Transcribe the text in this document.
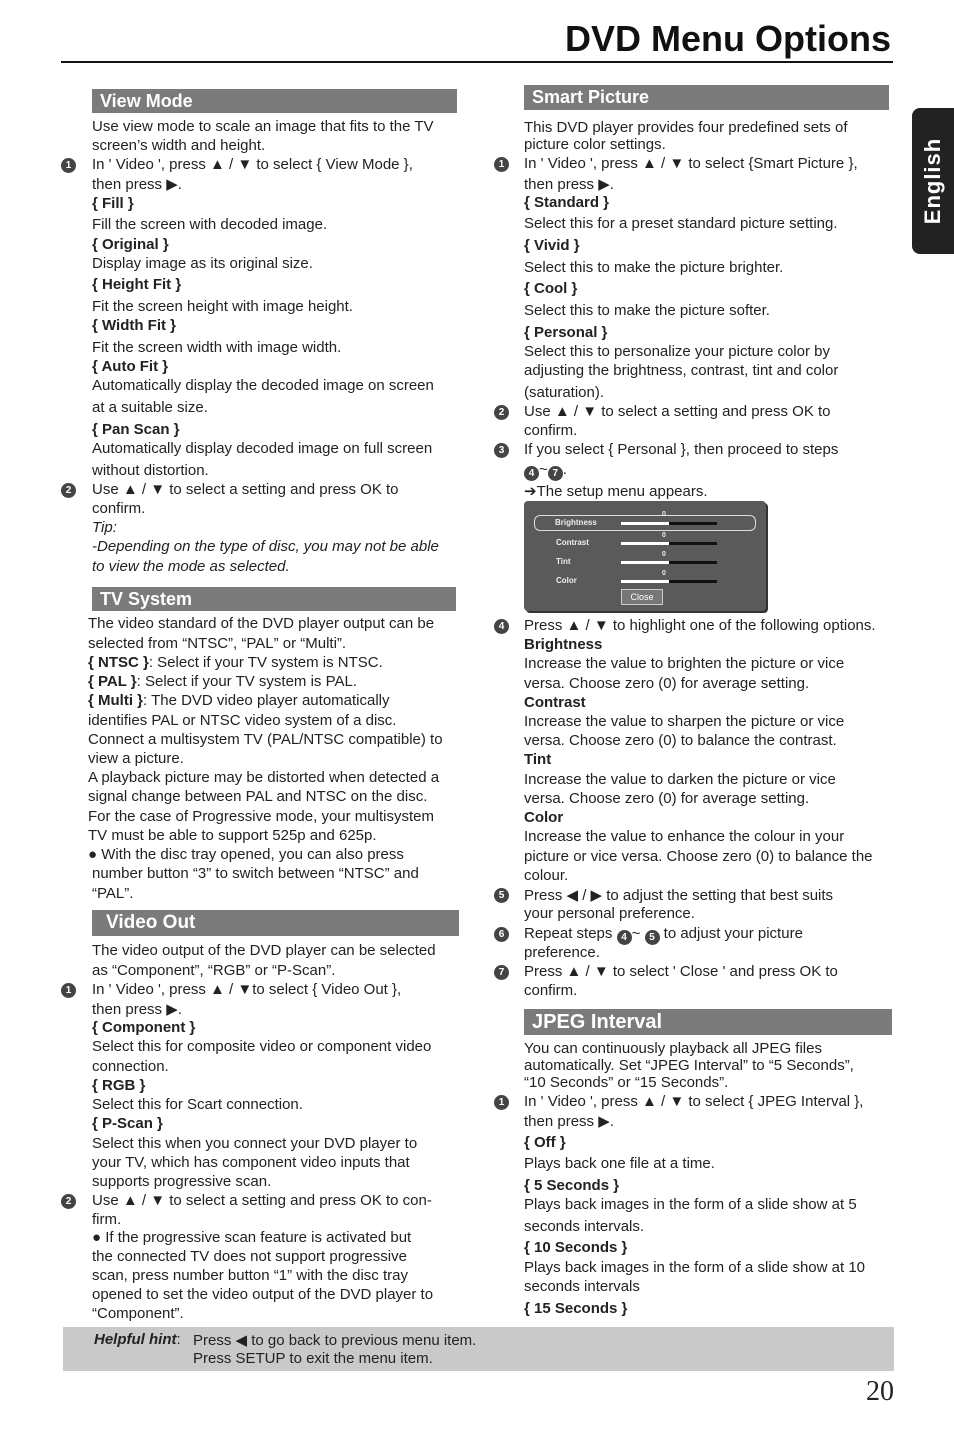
DVD Menu Options
English
View Mode
Use view mode to scale an image that fits to the TV
screen’s width and height.
1	In ' Video ', press ▲ / ▼ to select { View Mode },
then press ▶.
{ Fill }
Fill the screen with decoded image.
{ Original }
Display image as its original size.
{ Height Fit }
Fit the screen height with image height.
{ Width Fit }
Fit the screen width with image width.
{ Auto Fit }
Automatically display the decoded image on screen
at a suitable size.
{ Pan Scan }
Automatically display decoded image on full screen
without distortion.
2	Use ▲ / ▼ to select a setting and press OK to
confirm.
Tip:
-Depending on the type of disc, you may not be able
to view the mode as selected.
TV System
The video standard of the DVD player output can be
selected from “NTSC”, “PAL” or “Multi”.
{ NTSC }: Select if your TV system is NTSC.
{ PAL }: Select if your TV system is PAL.
{ Multi }: The DVD video player automatically
identifies PAL or NTSC video system of a disc.
Connect a multisystem TV (PAL/NTSC compatible) to
view a picture.
A playback picture may be distorted when detected a
signal change between PAL and NTSC on the disc.
For the case of Progressive mode, your multisystem
TV must be able to support 525p and 625p.
● With the disc tray opened, you can also press
number button “3” to switch between “NTSC” and
“PAL”.
Video Out
The video output of the DVD player can be selected
as “Component”, “RGB” or “P-Scan”.
1	In ' Video ', press ▲ / ▼to select { Video Out },
then press ▶.
{ Component }
Select this for composite video or component video
connection.
{ RGB }
Select this for Scart connection.
{ P-Scan }
Select this when you connect your DVD player to
your TV, which has component video inputs that
supports progressive scan.
2	Use ▲ / ▼ to select a setting and press OK to con-
firm.
● If the progressive scan feature is activated but
the connected TV does not support progressive
scan, press number button “1” with the disc tray
opened to set the video output of the DVD player to
“Component”.
Smart Picture
This DVD player provides four predefined sets of
picture color settings.
1	In ' Video ', press ▲ / ▼ to select {Smart Picture },
then press ▶.
{ Standard }
Select this for a preset standard picture setting.
{ Vivid }
Select this to make the picture brighter.
{ Cool }
Select this to make the picture softer.
{ Personal }
Select this to personalize your picture color by
adjusting the brightness, contrast, tint and color
(saturation).
2	Use ▲ / ▼ to select a setting and press OK to
confirm.
3	If you select { Personal }, then proceed to steps
4 ~ 7 .
➔The setup menu appears.
Brightness
0
Contrast
0
Tint
0
Color
0
Close
4	Press ▲ / ▼ to highlight one of the following options.
Brightness
Increase the value to brighten the picture or vice
versa. Choose zero (0) for average setting.
Contrast
Increase the value to sharpen the picture or vice
versa. Choose zero (0) to balance the contrast.
Tint
Increase the value to darken the picture or vice
versa. Choose zero (0) for average setting.
Color
Increase the value to enhance the colour in your
picture or vice versa. Choose zero (0) to balance the
colour.
5	Press ◀ / ▶ to adjust the setting that best suits
your personal preference.
6	Repeat steps 4 ~ 5 to adjust your picture
preference.
7	Press ▲ / ▼ to select ' Close ' and press OK to
confirm.
JPEG Interval
You can continuously playback all JPEG files
automatically. Set “JPEG Interval” to “5 Seconds”,
“10 Seconds” or “15 Seconds”.
1	In ' Video ', press ▲ / ▼ to select { JPEG Interval },
then press ▶.
{ Off }
Plays back one file at a time.
{ 5 Seconds }
Plays back images in the form of a slide show at 5
seconds intervals.
{ 10 Seconds }
Plays back images in the form of a slide show at 10
seconds intervals
{ 15 Seconds }
Helpful hint: Press ◀ to go back to previous menu item.
Press SETUP to exit the menu item.
20
